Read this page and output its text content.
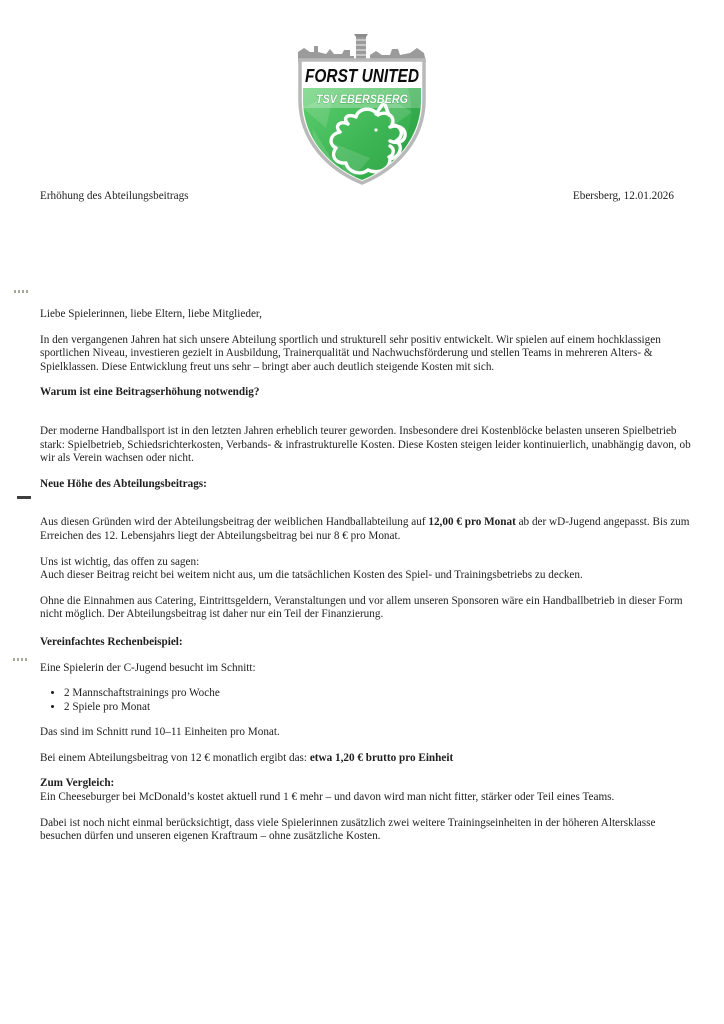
FORST UNITED
TSV EBERSBERG
Erhöhung des Abteilungsbeitrags	Ebersberg, 12.01.2026

Liebe Spielerinnen, liebe Eltern, liebe Mitglieder,

In den vergangenen Jahren hat sich unsere Abteilung sportlich und strukturell sehr positiv entwickelt. Wir spielen auf einem hochklassigen sportlichen Niveau, investieren gezielt in Ausbildung, Trainerqualität und Nachwuchsförderung und stellen Teams in mehreren Alters- & Spielklassen. Diese Entwicklung freut uns sehr – bringt aber auch deutlich steigende Kosten mit sich.

Warum ist eine Beitragserhöhung notwendig?

Der moderne Handballsport ist in den letzten Jahren erheblich teurer geworden. Insbesondere drei Kostenblöcke belasten unseren Spielbetrieb stark: Spielbetrieb, Schiedsrichterkosten, Verbands- & infrastrukturelle Kosten. Diese Kosten steigen leider kontinuierlich, unabhängig davon, ob wir als Verein wachsen oder nicht.

Neue Höhe des Abteilungsbeitrags:

Aus diesen Gründen wird der Abteilungsbeitrag der weiblichen Handballabteilung auf 12,00 € pro Monat ab der wD-Jugend angepasst. Bis zum Erreichen des 12. Lebensjahrs liegt der Abteilungsbeitrag bei nur 8 € pro Monat.

Uns ist wichtig, das offen zu sagen:
Auch dieser Beitrag reicht bei weitem nicht aus, um die tatsächlichen Kosten des Spiel- und Trainingsbetriebs zu decken.

Ohne die Einnahmen aus Catering, Eintrittsgeldern, Veranstaltungen und vor allem unseren Sponsoren wäre ein Handballbetrieb in dieser Form nicht möglich. Der Abteilungsbeitrag ist daher nur ein Teil der Finanzierung.

Vereinfachtes Rechenbeispiel:

Eine Spielerin der C-Jugend besucht im Schnitt:

• 2 Mannschaftstrainings pro Woche
• 2 Spiele pro Monat

Das sind im Schnitt rund 10–11 Einheiten pro Monat.

Bei einem Abteilungsbeitrag von 12 € monatlich ergibt das: etwa 1,20 € brutto pro Einheit

Zum Vergleich:
Ein Cheeseburger bei McDonald’s kostet aktuell rund 1 € mehr – und davon wird man nicht fitter, stärker oder Teil eines Teams.

Dabei ist noch nicht einmal berücksichtigt, dass viele Spielerinnen zusätzlich zwei weitere Trainingseinheiten in der höheren Altersklasse besuchen dürfen und unseren eigenen Kraftraum – ohne zusätzliche Kosten.
